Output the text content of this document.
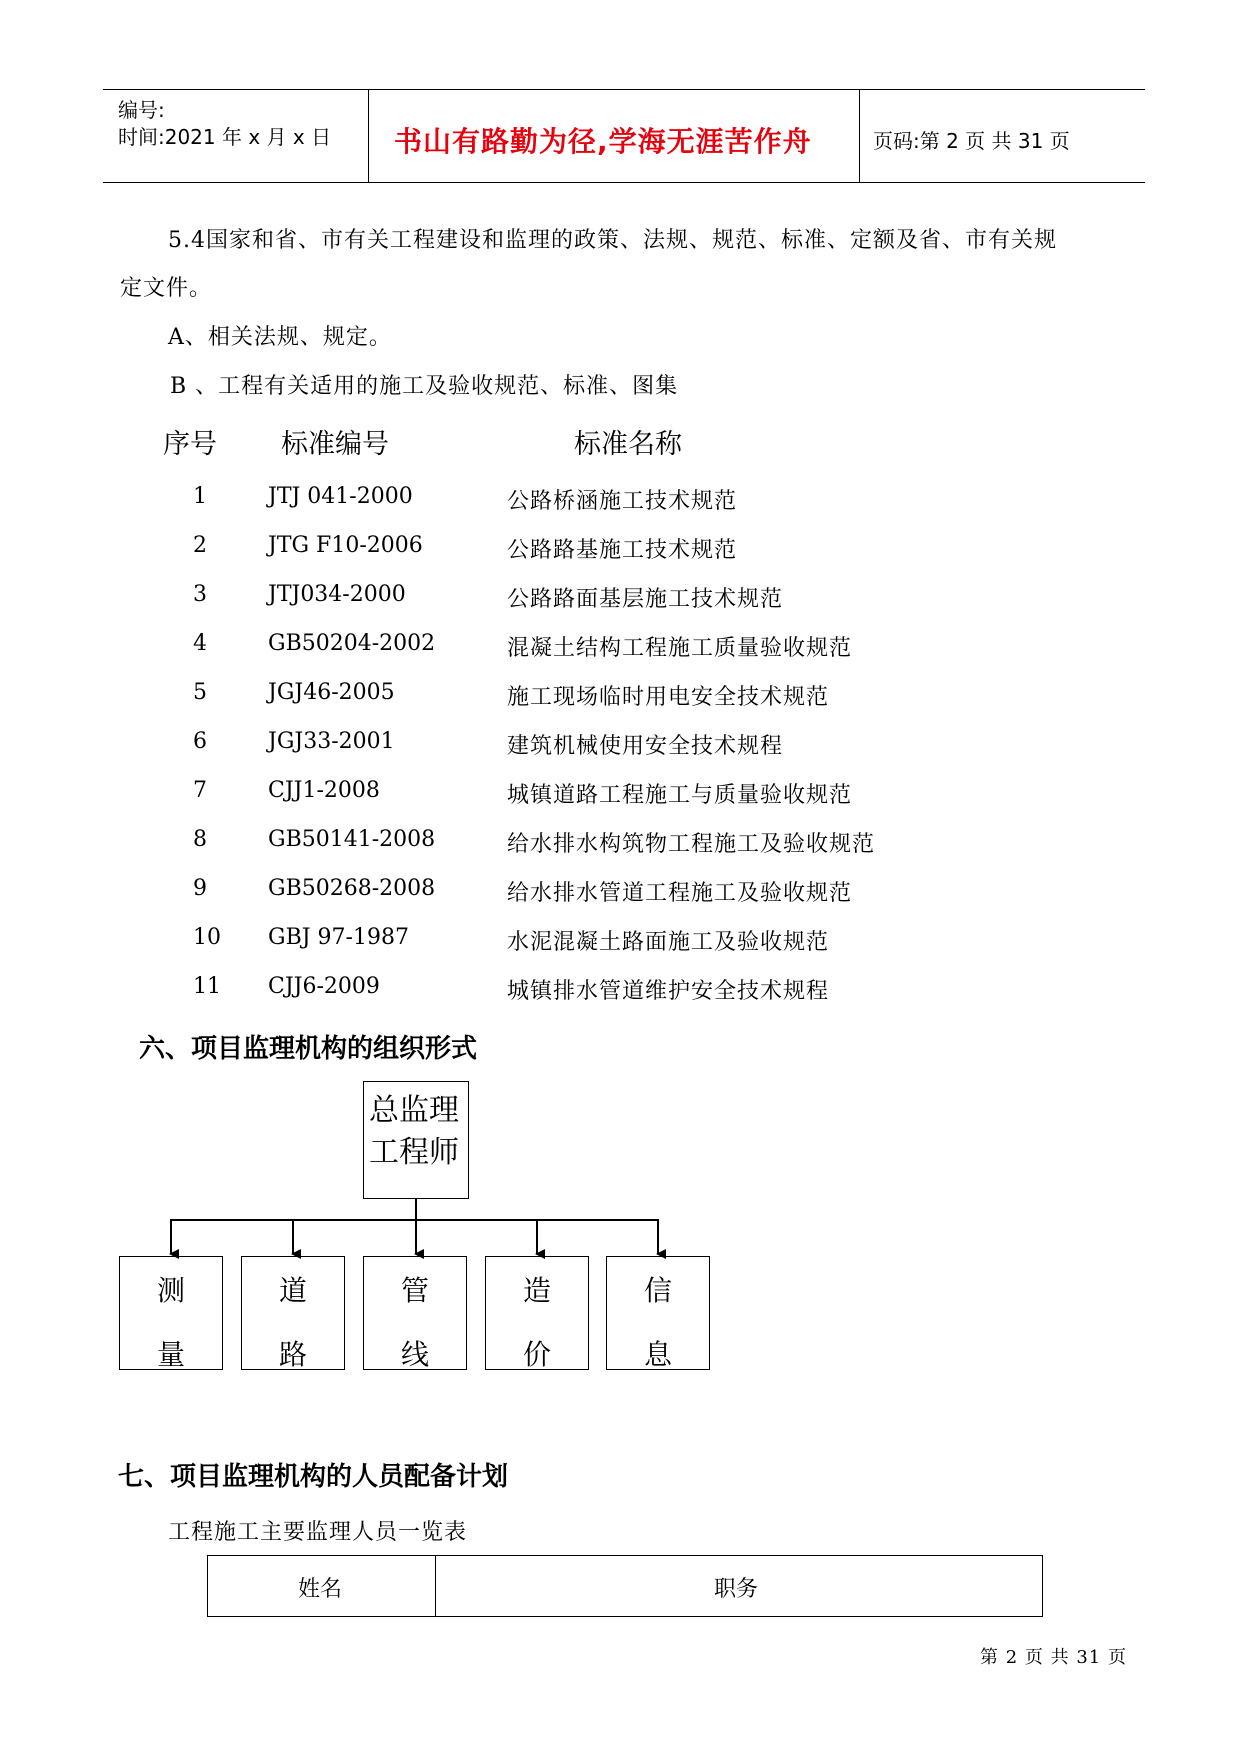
编号:
时间:2021 年 x 月 x 日 书山有路勤为径,学海无涯苦作舟	页码:第 2 页 共 31 页
5.4国家和省、市有关工程建设和监理的政策、法规、规范、标准、定额及省、市有关规
定文件。
A、相关法规、规定。
B 、工程有关适用的施工及验收规范、标准、图集
序号 标准编号	标准名称
1	JTJ 041-2000	公路桥涵施工技术规范
2	JTG F10-2006	公路路基施工技术规范
3	JTJ034-2000	公路路面基层施工技术规范
4	GB50204-2002	混凝土结构工程施工质量验收规范
5	JGJ46-2005	施工现场临时用电安全技术规范
6	JGJ33-2001	建筑机械使用安全技术规程
7	CJJ1-2008	城镇道路工程施工与质量验收规范
8	GB50141-2008	给水排水构筑物工程施工及验收规范
9	GB50268-2008	给水排水管道工程施工及验收规范
10 GBJ 97-1987	水泥混凝土路面施工及验收规范
11 CJJ6-2009	城镇排水管道维护安全技术规程
六、项目监理机构的组织形式
总监理
工程师
测
量
道
路
管
线
造
价
信
息
七、项目监理机构的人员配备计划
工程施工主要监理人员一览表
姓名	职务
第 2 页 共 31 页
